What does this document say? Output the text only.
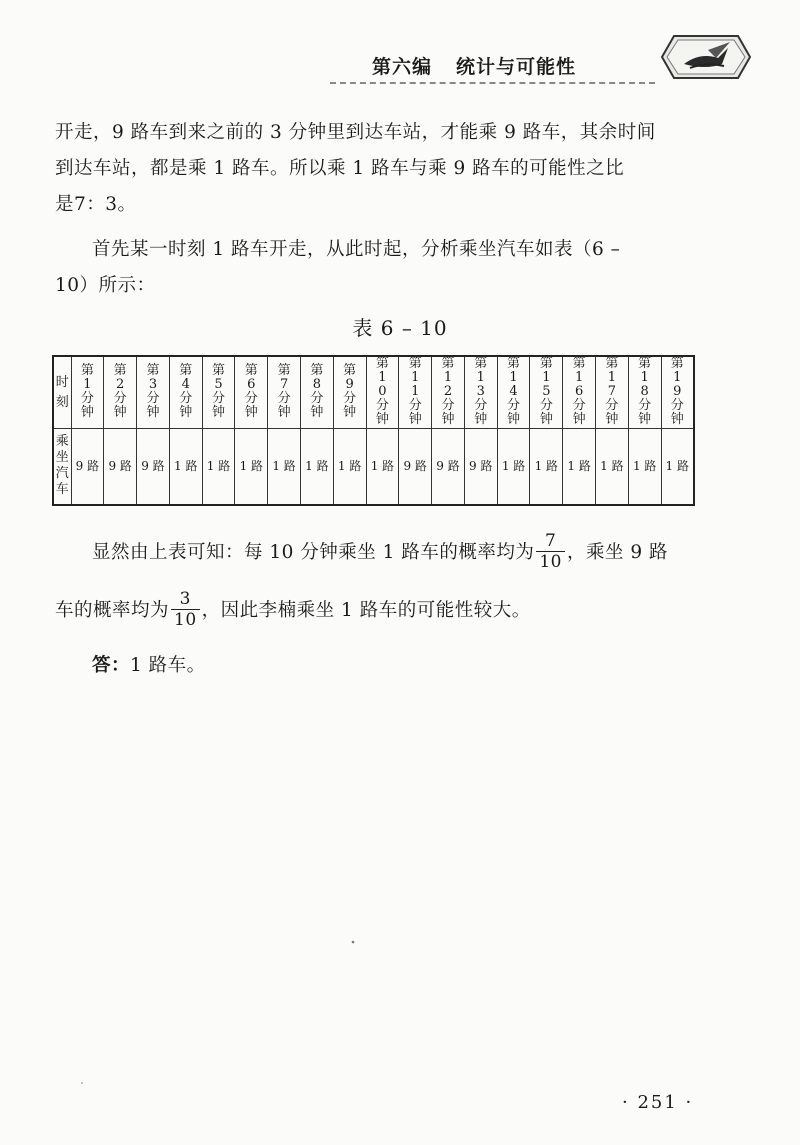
第六编 统计与可能性
开走，9 路车到来之前的 3 分钟里到达车站，才能乘 9 路车，其余时间
到达车站，都是乘 1 路车。所以乘 1 路车与乘 9 路车的可能性之比
是7：3。
首先某一时刻 1 路车开走，从此时起，分析乘坐汽车如表（6 –
10）所示：
表 6 – 10
时刻	第1分钟	第2分钟	第3分钟	第4分钟	第5分钟	第6分钟	第7分钟	第8分钟	第9分钟	第10分钟	第11分钟	第12分钟	第13分钟	第14分钟	第15分钟	第16分钟	第17分钟	第18分钟	第19分钟
乘坐汽车	9 路	9 路	9 路	1 路	1 路	1 路	1 路	1 路	1 路	1 路	9 路	9 路	9 路	1 路	1 路	1 路	1 路	1 路	1 路
显然由上表可知：每 10 分钟乘坐 1 路车的概率均为 $\frac{7}{10}$ ，乘坐 9 路
车的概率均为 $\frac{3}{10}$ ，因此李楠乘坐 1 路车的可能性较大。
答：1 路车。
· 251 ·
